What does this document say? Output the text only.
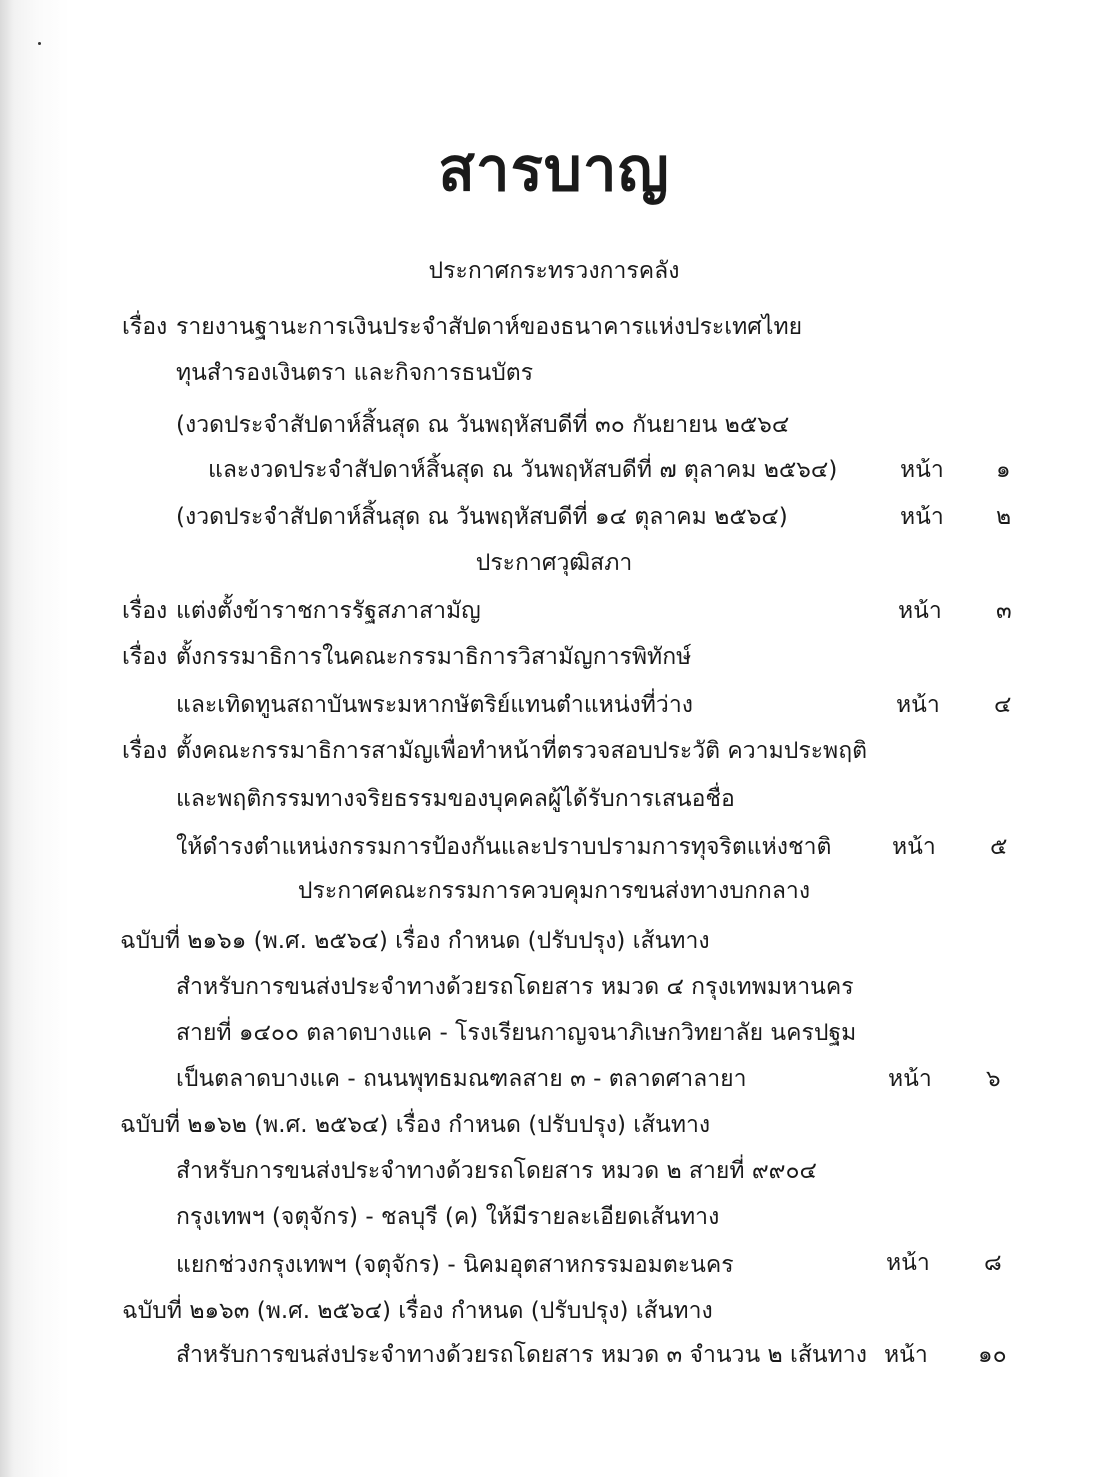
สารบาญ
ประกาศกระทรวงการคลัง
เรื่อง รายงานฐานะการเงินประจำสัปดาห์ของธนาคารแห่งประเทศไทย
ทุนสำรองเงินตรา และกิจการธนบัตร
(งวดประจำสัปดาห์สิ้นสุด ณ วันพฤหัสบดีที่ ๓๐ กันยายน ๒๕๖๔
และงวดประจำสัปดาห์สิ้นสุด ณ วันพฤหัสบดีที่ ๗ ตุลาคม ๒๕๖๔)	หน้า ๑
(งวดประจำสัปดาห์สิ้นสุด ณ วันพฤหัสบดีที่ ๑๔ ตุลาคม ๒๕๖๔)	หน้า ๒
ประกาศวุฒิสภา
เรื่อง แต่งตั้งข้าราชการรัฐสภาสามัญ	หน้า ๓
เรื่อง ตั้งกรรมาธิการในคณะกรรมาธิการวิสามัญการพิทักษ์
และเทิดทูนสถาบันพระมหากษัตริย์แทนตำแหน่งที่ว่าง	หน้า ๔
เรื่อง ตั้งคณะกรรมาธิการสามัญเพื่อทำหน้าที่ตรวจสอบประวัติ ความประพฤติ
และพฤติกรรมทางจริยธรรมของบุคคลผู้ได้รับการเสนอชื่อ
ให้ดำรงตำแหน่งกรรมการป้องกันและปราบปรามการทุจริตแห่งชาติ	หน้า ๕
ประกาศคณะกรรมการควบคุมการขนส่งทางบกกลาง
ฉบับที่ ๒๑๖๑ (พ.ศ. ๒๕๖๔) เรื่อง กำหนด (ปรับปรุง) เส้นทาง
สำหรับการขนส่งประจำทางด้วยรถโดยสาร หมวด ๔ กรุงเทพมหานคร
สายที่ ๑๔๐๐ ตลาดบางแค - โรงเรียนกาญจนาภิเษกวิทยาลัย นครปฐม
เป็นตลาดบางแค - ถนนพุทธมณฑลสาย ๓ - ตลาดศาลายา	หน้า ๖
ฉบับที่ ๒๑๖๒ (พ.ศ. ๒๕๖๔) เรื่อง กำหนด (ปรับปรุง) เส้นทาง
สำหรับการขนส่งประจำทางด้วยรถโดยสาร หมวด ๒ สายที่ ๙๙๐๔
กรุงเทพฯ (จตุจักร) - ชลบุรี (ค) ให้มีรายละเอียดเส้นทาง
แยกช่วงกรุงเทพฯ (จตุจักร) - นิคมอุตสาหกรรมอมตะนคร	หน้า ๘
ฉบับที่ ๒๑๖๓ (พ.ศ. ๒๕๖๔) เรื่อง กำหนด (ปรับปรุง) เส้นทาง
สำหรับการขนส่งประจำทางด้วยรถโดยสาร หมวด ๓ จำนวน ๒ เส้นทาง หน้า ๑๐
